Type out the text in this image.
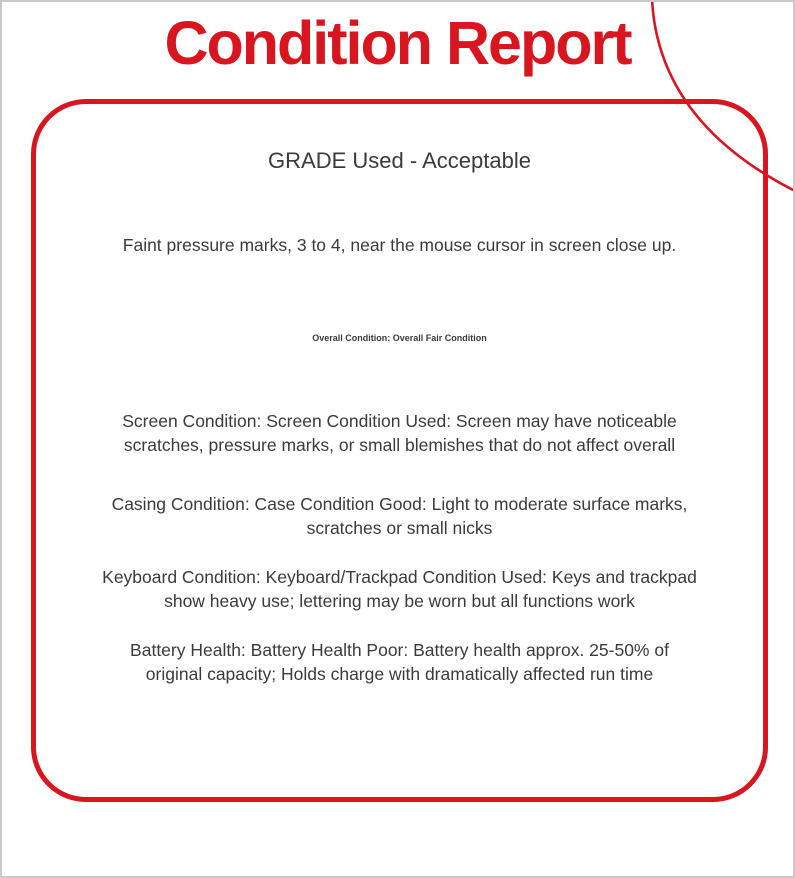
Condition Report

GRADE Used - Acceptable

Faint pressure marks, 3 to 4, near the mouse cursor in screen close up.

Overall Condition: Overall Fair Condition

Screen Condition: Screen Condition Used: Screen may have noticeable
scratches, pressure marks, or small blemishes that do not affect overall

Casing Condition: Case Condition Good: Light to moderate surface marks,
scratches or small nicks

Keyboard Condition: Keyboard/Trackpad Condition Used: Keys and trackpad
show heavy use; lettering may be worn but all functions work

Battery Health: Battery Health Poor: Battery health approx. 25-50% of
original capacity; Holds charge with dramatically affected run time
